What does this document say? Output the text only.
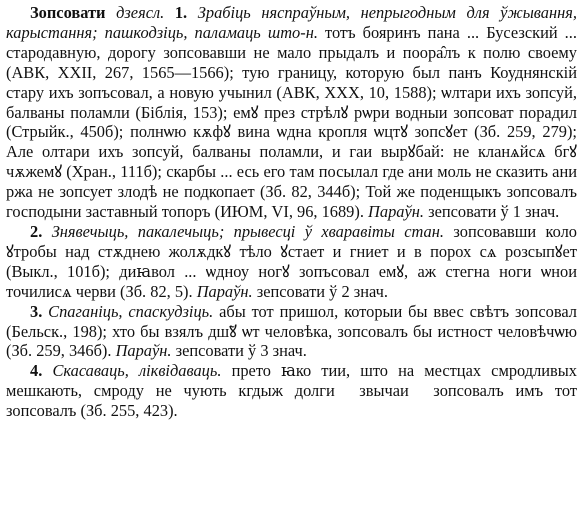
Зопсовати дзеясл. 1. Зрабіць няспраўным, непрыгодным для ўжывання, карыстання; пашкодзіць, паламаць што-н. тотъ бояринъ пана ... Бусезский ... стародавную, дорогу зопсовавши не мало прыдалъ и поора̂лъ к полю своему (АВК, XXII, 267, 1565—1566); тую границу, которую был панъ Коуднянскій стару ихъ зопъсовал, а новую учынил (АВК, XXX, 10, 1588); ѡлтари ихъ зопсуй, балваны поламли (Біблія, 153); емꙋ през стрѣлꙋ рѡри водныи зопсоват порадил (Стрыйк., 450б); полнѡю кѫфꙋ вина ѡдна кропля ѡцтꙋ зопсꙋет (Зб. 259, 279); Але олтари ихъ зопсуй, балваны поламли, и гаи вырꙋбай: не кланѧйсѧ бгꙋ чѫжемꙋ (Хран., 111б); скарбы ... есь его там посылал где ани моль не сказить ани ржа не зопсует злодѣ не подкопает (Зб. 82, 344б); Той же поденщыкъ зопсовалъ господыни заставный топоръ (ИЮМ, VI, 96, 1689). Параўн. зепсовати ў 1 знач.

2. Знявечыць, пакалечыць; прывесці ў хваравіты стан. зопсовавши коло ꙋтробы над стѫднею жолѫдкꙋ тѣло ꙋстает и гниет и в порох сѧ розсыпꙋет (Выкл., 101б); диꙗвол ... ѡдноу ногꙋ зопъсовал емꙋ, аж стегна ноги ѡнои точилисѧ черви (Зб. 82, 5). Параўн. зепсовати ў 2 знач.

3. Спаганіць, спаскудзіць. абы тот пришол, которыи бы ввес свѣтъ зопсовал (Бельск., 198); хто бы взялъ дш̃ꙋ ѡт человѣка, зопсовалъ бы истност человѣчѡю (Зб. 259, 346б). Параўн. зепсовати ў 3 знач.

4. Скасаваць, ліквідаваць. прето ꙗко тии, што на местцах смродливых мешкають, смроду не чують кгдыж долгиⷭ звычаиⷭ зопсовалъ имъ тот зопсовалъ (Зб. 255, 423).
